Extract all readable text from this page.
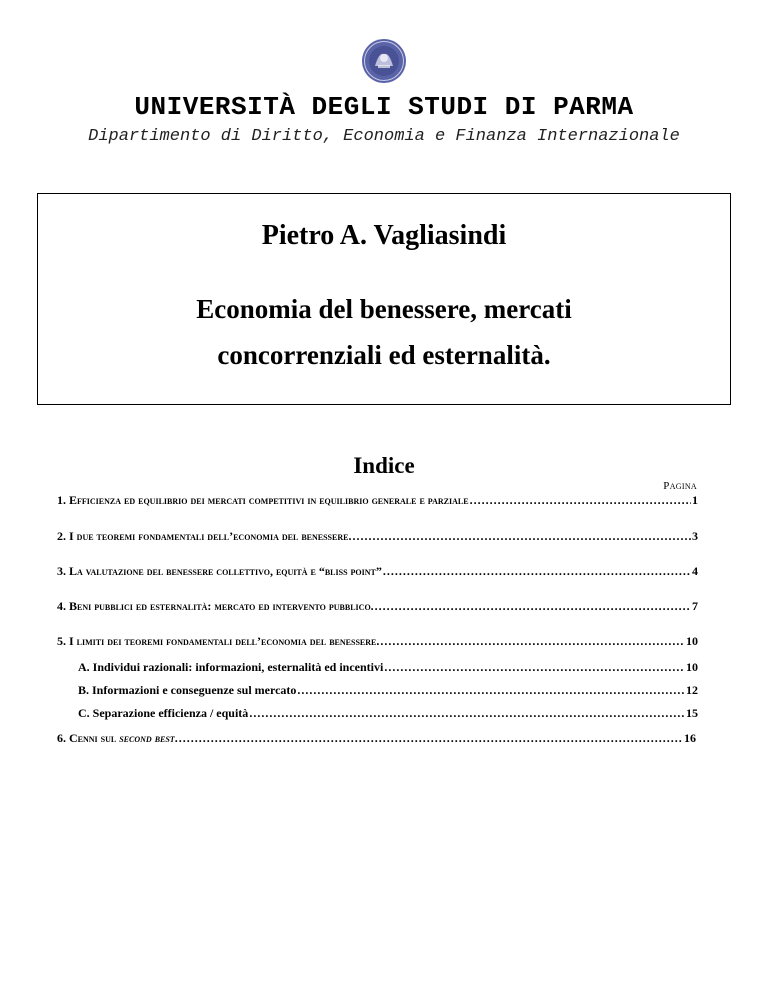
UNIVERSITÀ DEGLI STUDI DI PARMA
Dipartimento di Diritto, Economia e Finanza Internazionale
Pietro A. Vagliasindi
Economia del benessere, mercati
concorrenziali ed esternalità.
Indice
Pagina
1. Efficienza ed equilibrio dei mercati competitivi in equilibrio generale e parziale .....	1
2. I due teoremi fondamentali dell’economia del benessere. .....	3
3. La valutazione del benessere collettivo, equità e “bliss point” .....	4
4. Beni pubblici ed esternalità: mercato ed intervento pubblico. .....	7
5. I limiti dei teoremi fondamentali dell’economia del benessere. .....	10
A. Individui razionali: informazioni, esternalità ed incentivi .....	10
B. Informazioni e conseguenze sul mercato .....	12
C. Separazione efficienza / equità .....	15
6. Cenni sul second best. .....	16
